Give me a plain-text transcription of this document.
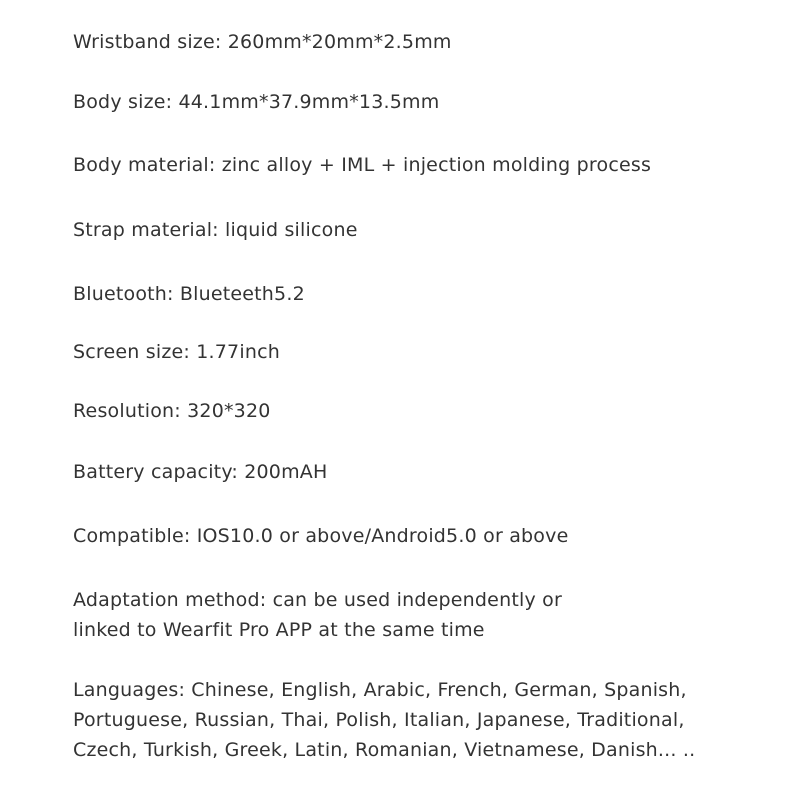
Wristband size: 260mm*20mm*2.5mm

Body size: 44.1mm*37.9mm*13.5mm

Body material: zinc alloy + IML + injection molding process

Strap material: liquid silicone

Bluetooth: Blueteeth5.2

Screen size: 1.77inch

Resolution: 320*320

Battery capacity: 200mAH

Compatible: IOS10.0 or above/Android5.0 or above

Adaptation method: can be used independently or

linked to Wearfit Pro APP at the same time

Languages: Chinese, English, Arabic, French, German, Spanish,

Portuguese, Russian, Thai, Polish, Italian, Japanese, Traditional,

Czech, Turkish, Greek, Latin, Romanian, Vietnamese, Danish... ..
